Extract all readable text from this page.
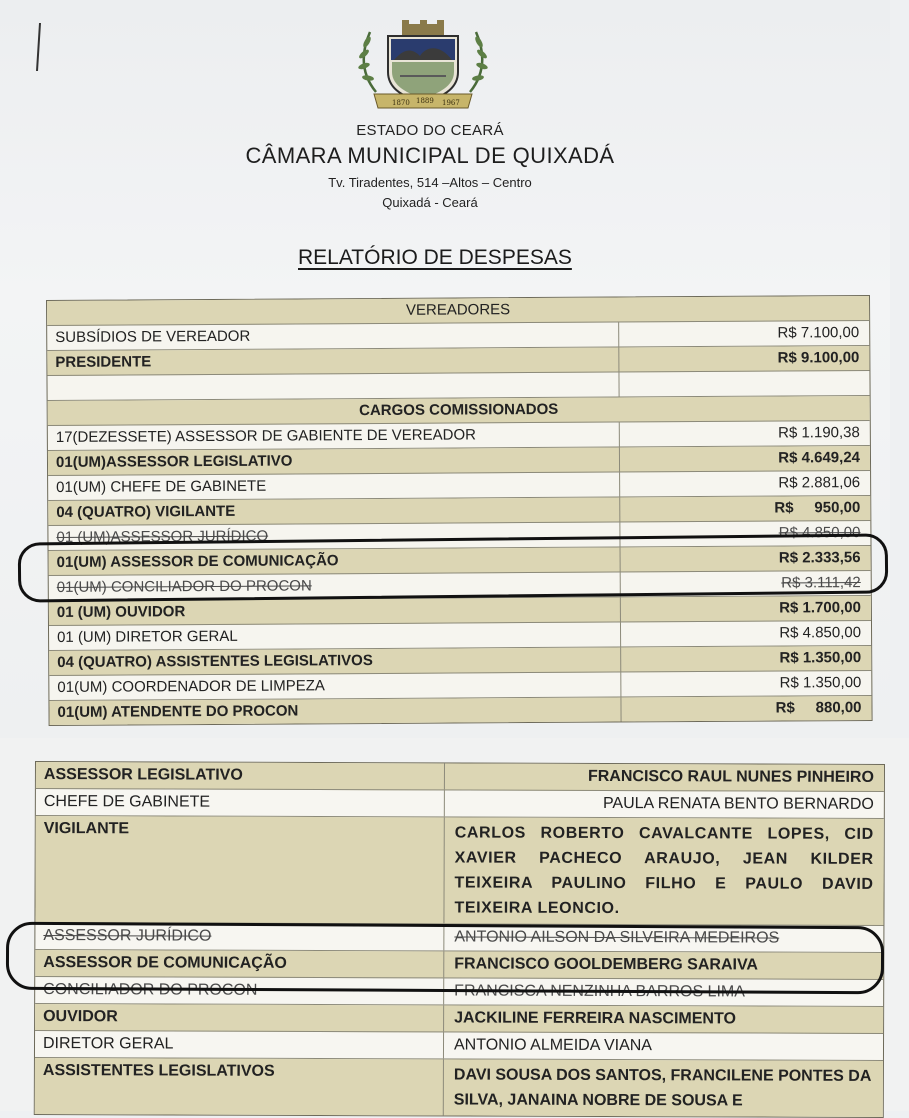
1870 1889 1967
ESTADO DO CEARÁ
CÂMARA MUNICIPAL DE QUIXADÁ
Tv. Tiradentes, 514 –Altos – Centro
Quixadá - Ceará
RELATÓRIO DE DESPESAS
VEREADORES
SUBSÍDIOS DE VEREADOR	R$ 7.100,00
PRESIDENTE	R$ 9.100,00
CARGOS COMISSIONADOS
17(DEZESSETE) ASSESSOR DE GABIENTE DE VEREADOR	R$ 1.190,38
01(UM)ASSESSOR LEGISLATIVO	R$ 4.649,24
01(UM) CHEFE DE GABINETE	R$ 2.881,06
04 (QUATRO) VIGILANTE	R$     950,00
01 (UM)ASSESSOR JURÍDICO	R$ 4.850,00
01(UM) ASSESSOR DE COMUNICAÇÃO	R$ 2.333,56
01(UM) CONCILIADOR DO PROCON	R$ 3.111,42
01 (UM) OUVIDOR	R$ 1.700,00
01 (UM) DIRETOR GERAL	R$ 4.850,00
04 (QUATRO) ASSISTENTES LEGISLATIVOS	R$ 1.350,00
01(UM) COORDENADOR DE LIMPEZA	R$ 1.350,00
01(UM) ATENDENTE DO PROCON	R$     880,00
ASSESSOR LEGISLATIVO	FRANCISCO RAUL NUNES PINHEIRO
CHEFE DE GABINETE	PAULA RENATA BENTO BERNARDO
VIGILANTE	CARLOS ROBERTO CAVALCANTE LOPES, CID XAVIER PACHECO ARAUJO, JEAN KILDER TEIXEIRA PAULINO FILHO E PAULO DAVID TEIXEIRA LEONCIO.
ASSESSOR JURÍDICO	ANTONIO AILSON DA SILVEIRA MEDEIROS
ASSESSOR DE COMUNICAÇÃO	FRANCISCO GOOLDEMBERG SARAIVA
CONCILIADOR DO PROCON	FRANCISCA NENZINHA BARROS LIMA
OUVIDOR	JACKILINE FERREIRA NASCIMENTO
DIRETOR GERAL	ANTONIO ALMEIDA VIANA
ASSISTENTES LEGISLATIVOS	DAVI SOUSA DOS SANTOS, FRANCILENE PONTES DA SILVA, JANAINA NOBRE DE SOUSA E
